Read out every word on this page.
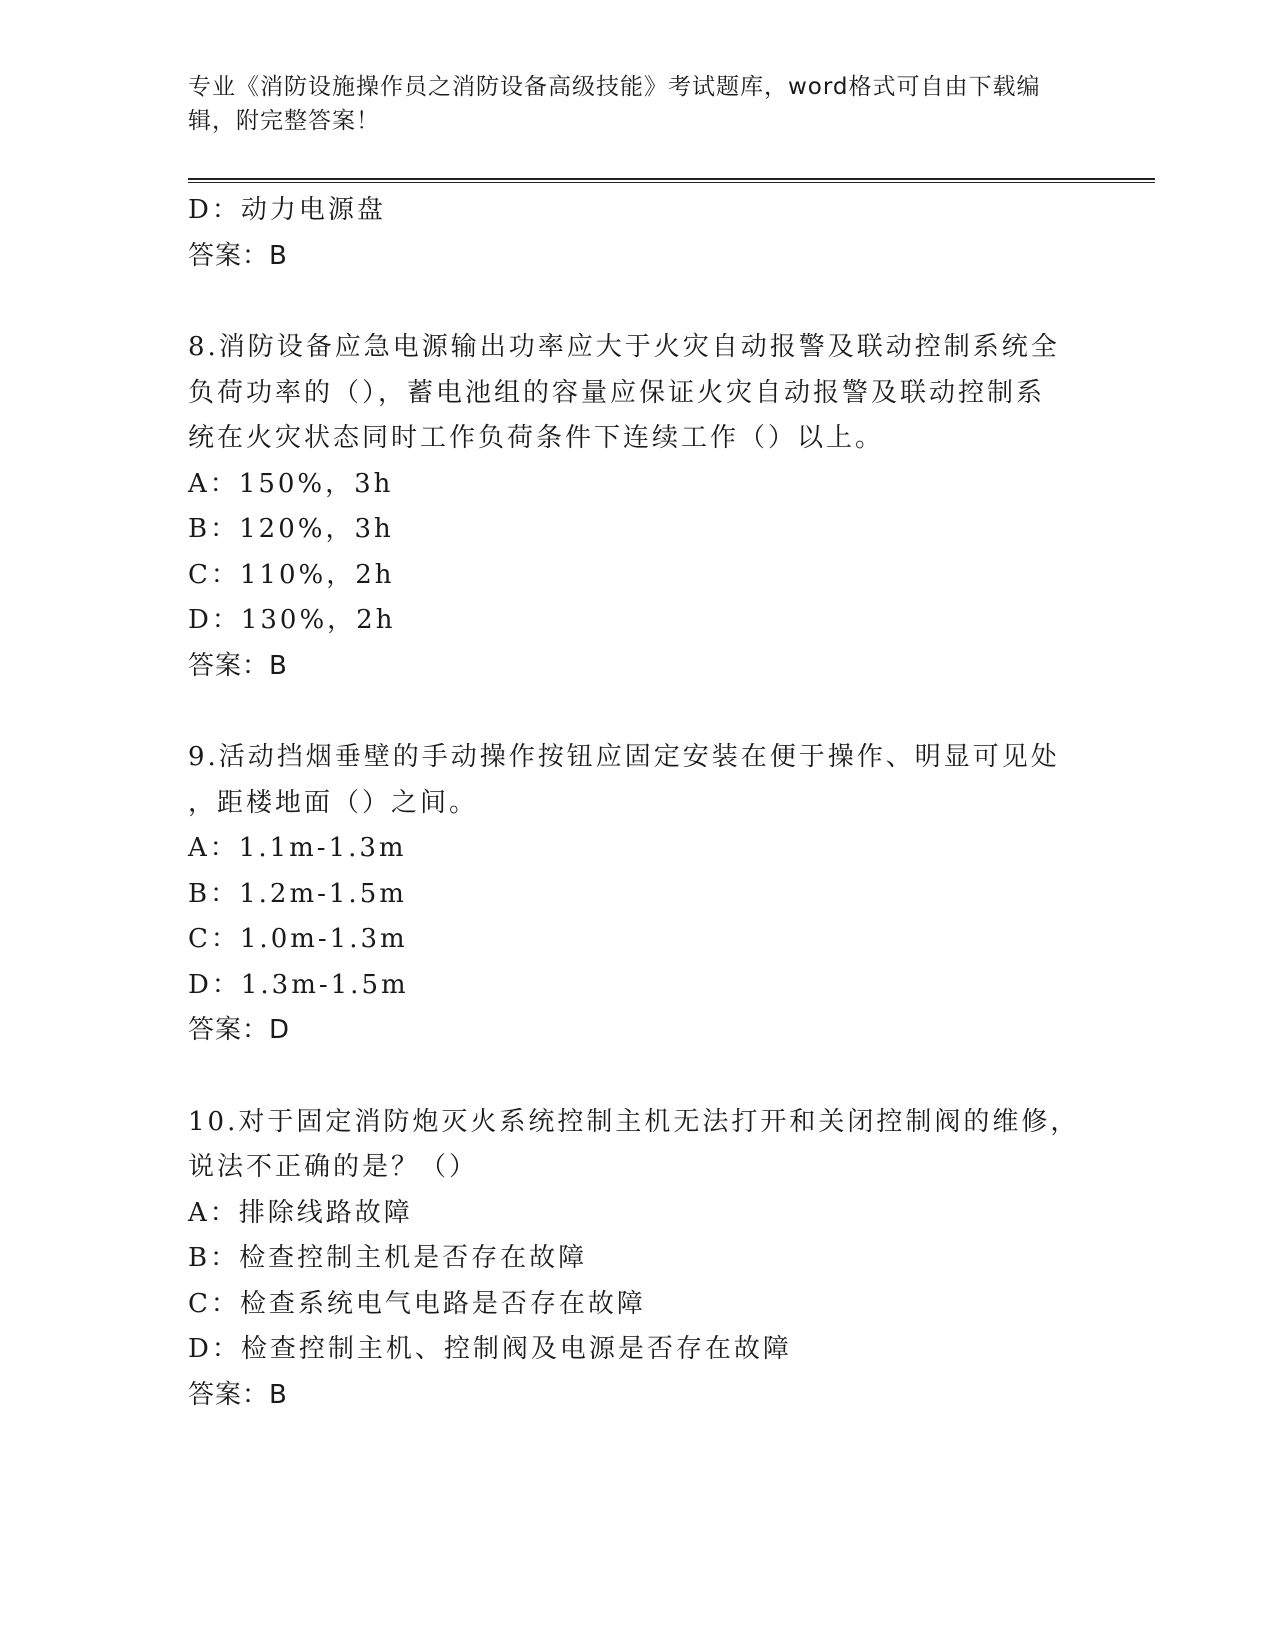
专业《消防设施操作员之消防设备高级技能》考试题库，word格式可自由下载编
辑，附完整答案！
D：动力电源盘
答案：B
8.消防设备应急电源输出功率应大于火灾自动报警及联动控制系统全
负荷功率的（），蓄电池组的容量应保证火灾自动报警及联动控制系
统在火灾状态同时工作负荷条件下连续工作（）以上。
A：150%，3h
B：120%，3h
C：110%，2h
D：130%，2h
答案：B
9.活动挡烟垂壁的手动操作按钮应固定安装在便于操作、明显可见处
，距楼地面（）之间。
A：1.1m-1.3m
B：1.2m-1.5m
C：1.0m-1.3m
D：1.3m-1.5m
答案：D
10.对于固定消防炮灭火系统控制主机无法打开和关闭控制阀的维修，
说法不正确的是？（）
A：排除线路故障
B：检查控制主机是否存在故障
C：检查系统电气电路是否存在故障
D：检查控制主机、控制阀及电源是否存在故障
答案：B
